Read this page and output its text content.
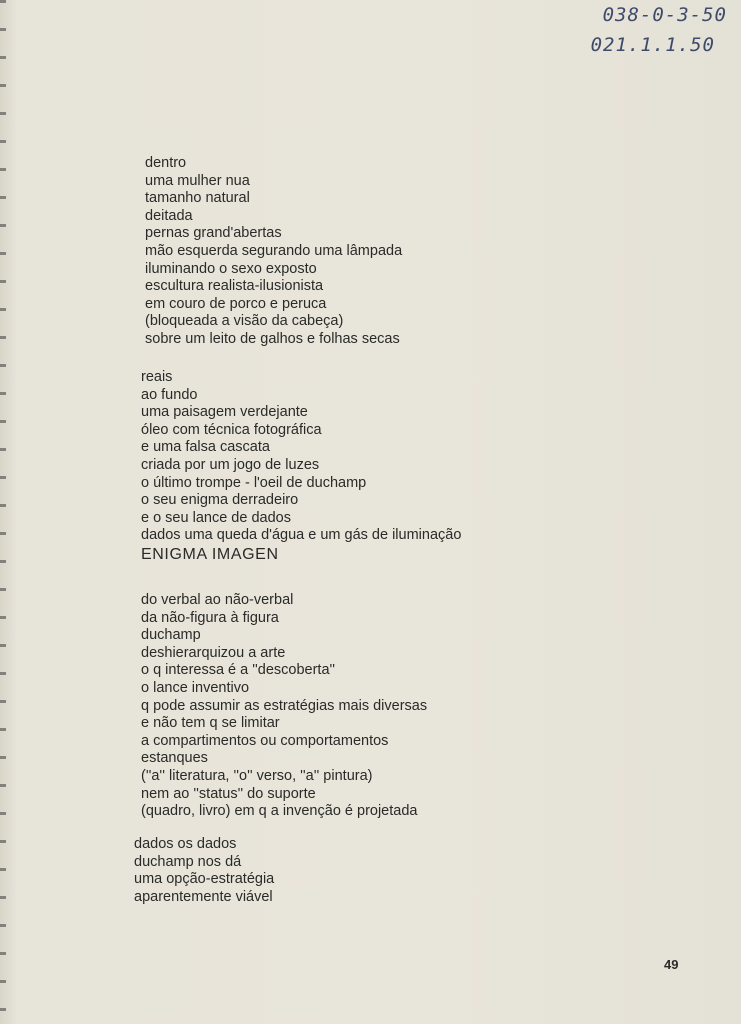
038-0-3-50
021.1.1.50
dentro
uma mulher nua
tamanho natural
deitada
pernas grand'abertas
mão esquerda segurando uma lâmpada
iluminando o sexo exposto
escultura realista-ilusionista
em couro de porco e peruca
(bloqueada a visão da cabeça)
sobre um leito de galhos e folhas secas
reais
ao fundo
uma paisagem verdejante
óleo com técnica fotográfica
e uma falsa cascata
criada por um jogo de luzes
o último trompe - l'oeil de duchamp
o seu enigma derradeiro
e o seu lance de dados
dados uma queda d'água e um gás de iluminação
ENIGMA IMAGEN
do verbal ao não-verbal
da não-figura à figura
duchamp
deshierarquizou a arte
o q interessa é a ''descoberta''
o lance inventivo
q pode assumir as estratégias mais diversas
e não tem q se limitar
a compartimentos ou comportamentos
estanques
(''a'' literatura, ''o'' verso, ''a'' pintura)
nem ao ''status'' do suporte
(quadro, livro) em q a invenção é projetada
dados os dados
duchamp nos dá
uma opção-estratégia
aparentemente viável
49
